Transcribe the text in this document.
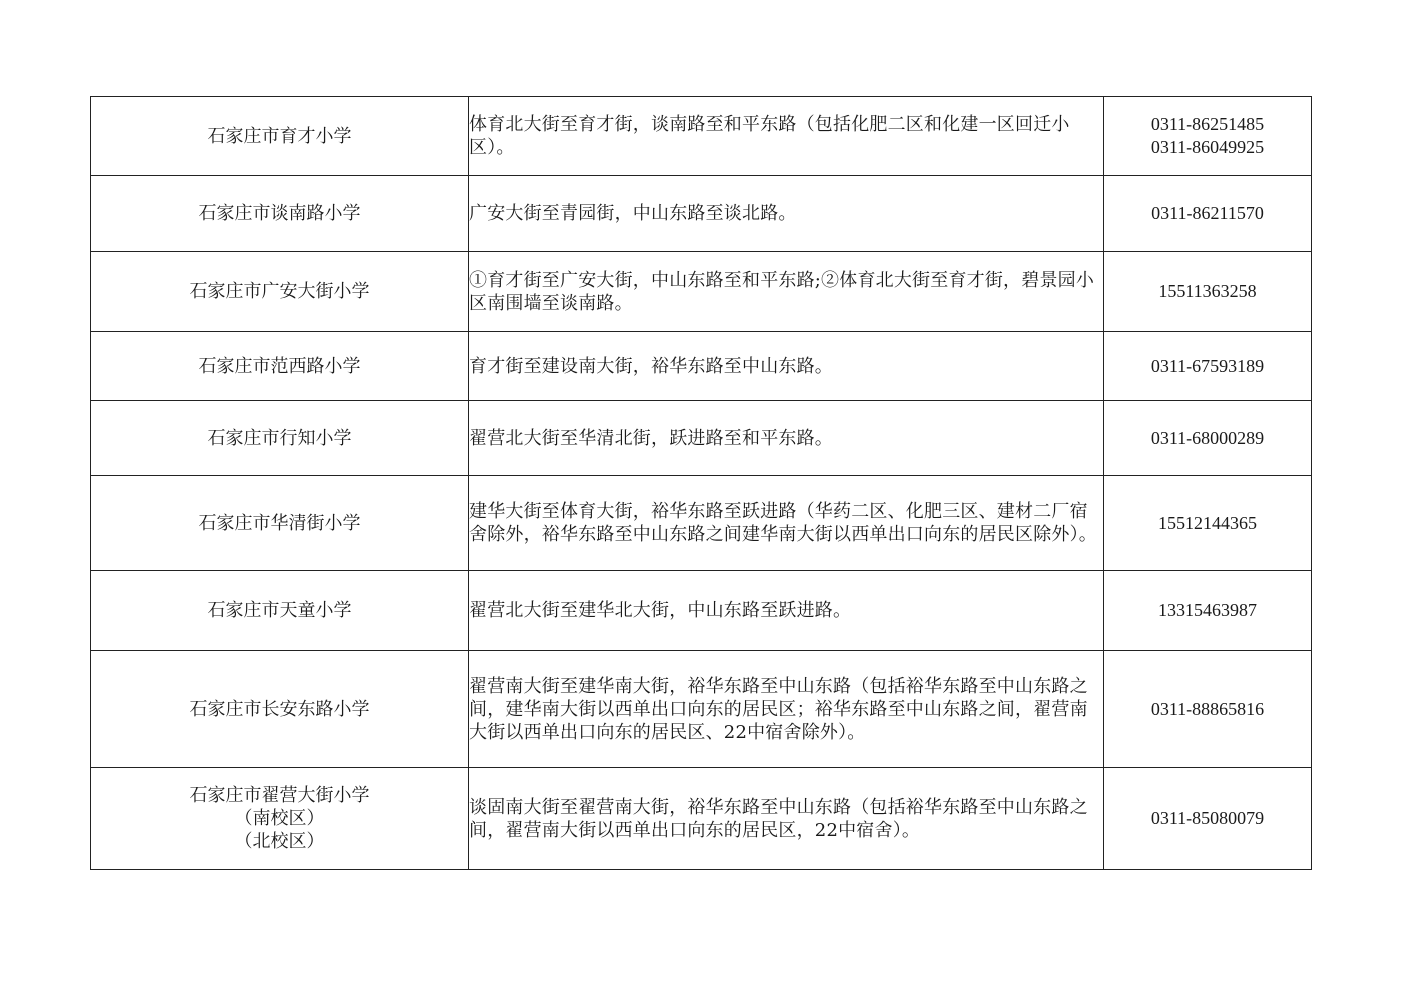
石家庄市育才小学	体育北大街至育才街，谈南路至和平东路（包括化肥二区和化建一区回迁小区）。	0311-86251485
0311-86049925

石家庄市谈南路小学	广安大街至青园街，中山东路至谈北路。	0311-86211570

石家庄市广安大街小学	①育才街至广安大街，中山东路至和平东路;②体育北大街至育才街，碧景园小区南围墙至谈南路。	15511363258

石家庄市范西路小学	育才街至建设南大街，裕华东路至中山东路。	0311-67593189

石家庄市行知小学	翟营北大街至华清北街，跃进路至和平东路。	0311-68000289

石家庄市华清街小学	建华大街至体育大街，裕华东路至跃进路（华药二区、化肥三区、建材二厂宿舍除外，裕华东路至中山东路之间建华南大街以西单出口向东的居民区除外）。	15512144365

石家庄市天童小学	翟营北大街至建华北大街，中山东路至跃进路。	13315463987

石家庄市长安东路小学	翟营南大街至建华南大街，裕华东路至中山东路（包括裕华东路至中山东路之间，建华南大街以西单出口向东的居民区；裕华东路至中山东路之间，翟营南大街以西单出口向东的居民区、22中宿舍除外）。	0311-88865816

石家庄市翟营大街小学
（南校区）
（北校区）	谈固南大街至翟营南大街，裕华东路至中山东路（包括裕华东路至中山东路之间，翟营南大街以西单出口向东的居民区，22中宿舍）。	0311-85080079
